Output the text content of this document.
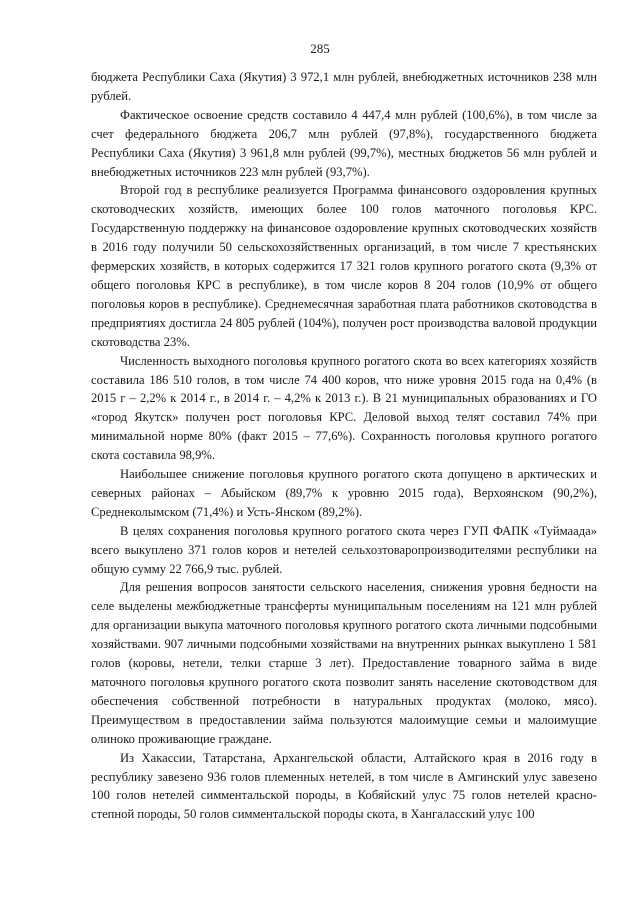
285

бюджета Республики Саха (Якутия) 3 972,1 млн рублей, внебюджетных источников 238 млн рублей.

Фактическое освоение средств составило 4 447,4 млн рублей (100,6%), в том числе за счет федерального бюджета 206,7 млн рублей (97,8%), государственного бюджета Республики Саха (Якутия) 3 961,8 млн рублей (99,7%), местных бюджетов 56 млн рублей и внебюджетных источников 223 млн рублей (93,7%).

Второй год в республике реализуется Программа финансового оздоровления крупных скотоводческих хозяйств, имеющих более 100 голов маточного поголовья КРС. Государственную поддержку на финансовое оздоровление крупных скотоводческих хозяйств в 2016 году получили 50 сельскохозяйственных организаций, в том числе 7 крестьянских фермерских хозяйств, в которых содержится 17 321 голов крупного рогатого скота (9,3% от общего поголовья КРС в республике), в том числе коров 8 204 голов (10,9% от общего поголовья коров в республике). Среднемесячная заработная плата работников скотоводства в предприятиях достигла 24 805 рублей (104%), получен рост производства валовой продукции скотоводства 23%.

Численность выходного поголовья крупного рогатого скота во всех категориях хозяйств составила 186 510 голов, в том числе 74 400 коров, что ниже уровня 2015 года на 0,4% (в 2015 г – 2,2% к 2014 г., в 2014 г. – 4,2% к 2013 г.). В 21 муниципальных образованиях и ГО «город Якутск» получен рост поголовья КРС. Деловой выход телят составил 74% при минимальной норме 80% (факт 2015 – 77,6%). Сохранность поголовья крупного рогатого скота составила 98,9%.

Наибольшее снижение поголовья крупного рогатого скота допущено в арктических и северных районах – Абыйском (89,7% к уровню 2015 года), Верхоянском (90,2%), Среднеколымском (71,4%) и Усть-Янском (89,2%).

В целях сохранения поголовья крупного рогатого скота через ГУП ФАПК «Туймаада» всего выкуплено 371 голов коров и нетелей сельхозтоваропроизводителями республики на общую сумму 22 766,9 тыс. рублей.

Для решения вопросов занятости сельского населения, снижения уровня бедности на селе выделены межбюджетные трансферты муниципальным поселениям на 121 млн рублей для организации выкупа маточного поголовья крупного рогатого скота личными подсобными хозяйствами. 907 личными подсобными хозяйствами на внутренних рынках выкуплено 1 581 голов (коровы, нетели, телки старше 3 лет). Предоставление товарного займа в виде маточного поголовья крупного рогатого скота позволит занять население скотоводством для обеспечения собственной потребности в натуральных продуктах (молоко, мясо). Преимуществом в предоставлении займа пользуются малоимущие семьи и малоимущие олиноко проживающие граждане.

Из Хакассии, Татарстана, Архангельской области, Алтайского края в 2016 году в республику завезено 936 голов племенных нетелей, в том числе в Амгинский улус завезено 100 голов нетелей симментальской породы, в Кобяйский улус 75 голов нетелей красно-степной породы, 50 голов симментальской породы скота, в Хангаласский улус 100
